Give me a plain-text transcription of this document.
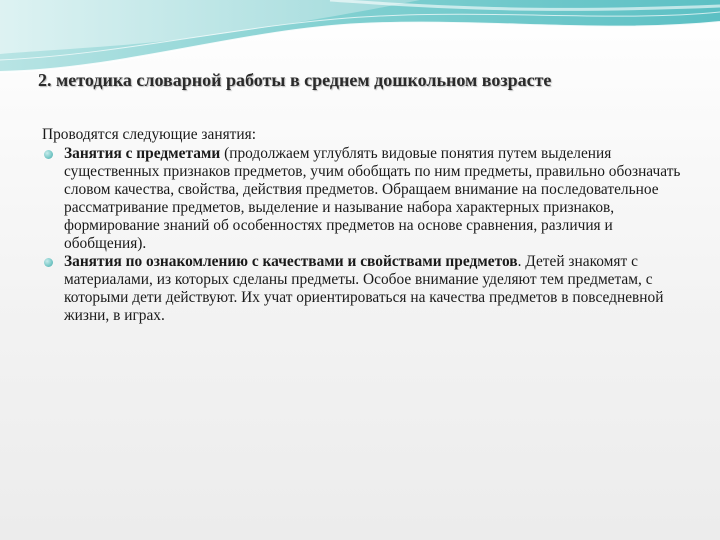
2. методика словарной работы в среднем дошкольном возрасте

Проводятся следующие занятия:

Занятия с предметами (продолжаем углублять видовые понятия путем выделения существенных признаков предметов, учим обобщать по ним предметы, правильно обозначать словом качества, свойства, действия предметов. Обращаем внимание на последовательное рассматривание предметов, выделение и называние набора характерных признаков, формирование знаний об особенностях предметов на основе сравнения, различия и обобщения).

Занятия по ознакомлению с качествами и свойствами предметов. Детей знакомят с материалами, из которых сделаны предметы. Особое внимание уделяют тем предметам, с которыми дети действуют. Их учат ориентироваться на качества предметов в повседневной жизни, в играх.
